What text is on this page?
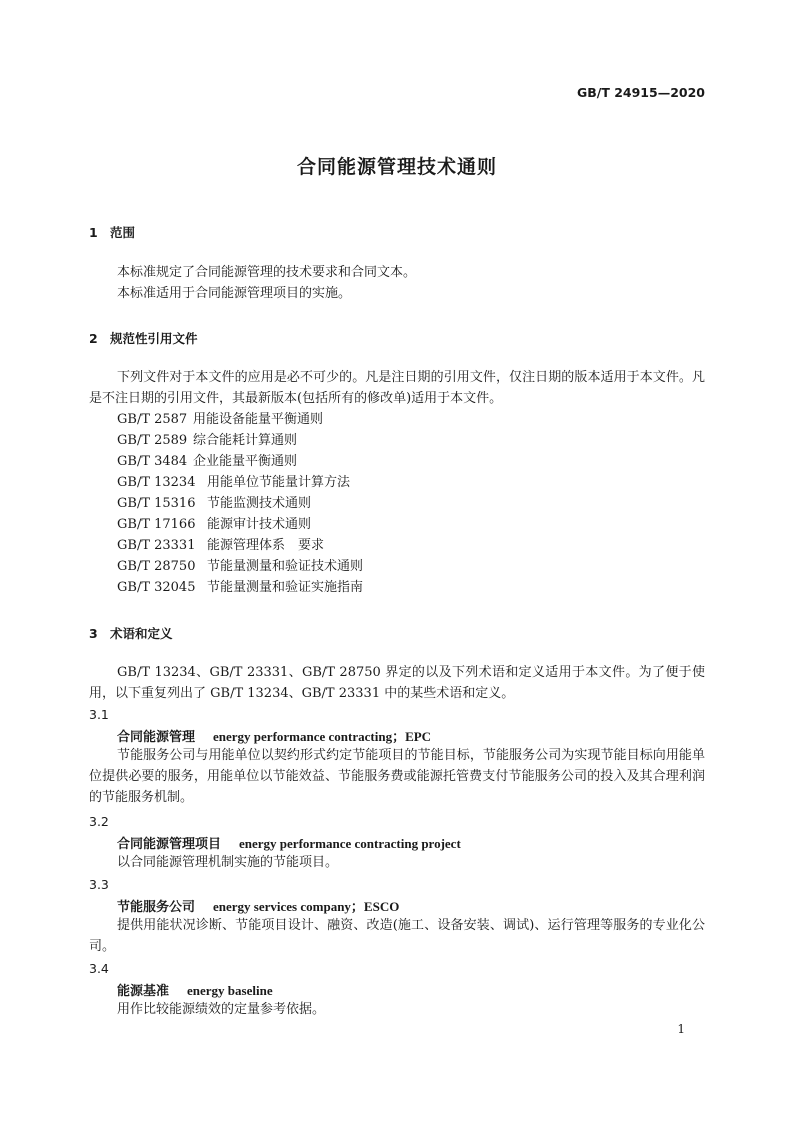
GB/T 24915—2020
合同能源管理技术通则
1 范围
本标准规定了合同能源管理的技术要求和合同文本。
本标准适用于合同能源管理项目的实施。
2 规范性引用文件
下列文件对于本文件的应用是必不可少的。凡是注日期的引用文件，仅注日期的版本适用于本文件。凡是不注日期的引用文件，其最新版本(包括所有的修改单)适用于本文件。
GB/T 2587 用能设备能量平衡通则
GB/T 2589 综合能耗计算通则
GB/T 3484 企业能量平衡通则
GB/T 13234 用能单位节能量计算方法
GB/T 15316 节能监测技术通则
GB/T 17166 能源审计技术通则
GB/T 23331 能源管理体系　要求
GB/T 28750 节能量测量和验证技术通则
GB/T 32045 节能量测量和验证实施指南
3 术语和定义
GB/T 13234、GB/T 23331、GB/T 28750 界定的以及下列术语和定义适用于本文件。为了便于使用，以下重复列出了 GB/T 13234、GB/T 23331 中的某些术语和定义。
3.1
合同能源管理 energy performance contracting；EPC
节能服务公司与用能单位以契约形式约定节能项目的节能目标，节能服务公司为实现节能目标向用能单位提供必要的服务，用能单位以节能效益、节能服务费或能源托管费支付节能服务公司的投入及其合理利润的节能服务机制。
3.2
合同能源管理项目 energy performance contracting project
以合同能源管理机制实施的节能项目。
3.3
节能服务公司 energy services company；ESCO
提供用能状况诊断、节能项目设计、融资、改造(施工、设备安装、调试)、运行管理等服务的专业化公司。
3.4
能源基准 energy baseline
用作比较能源绩效的定量参考依据。
1
